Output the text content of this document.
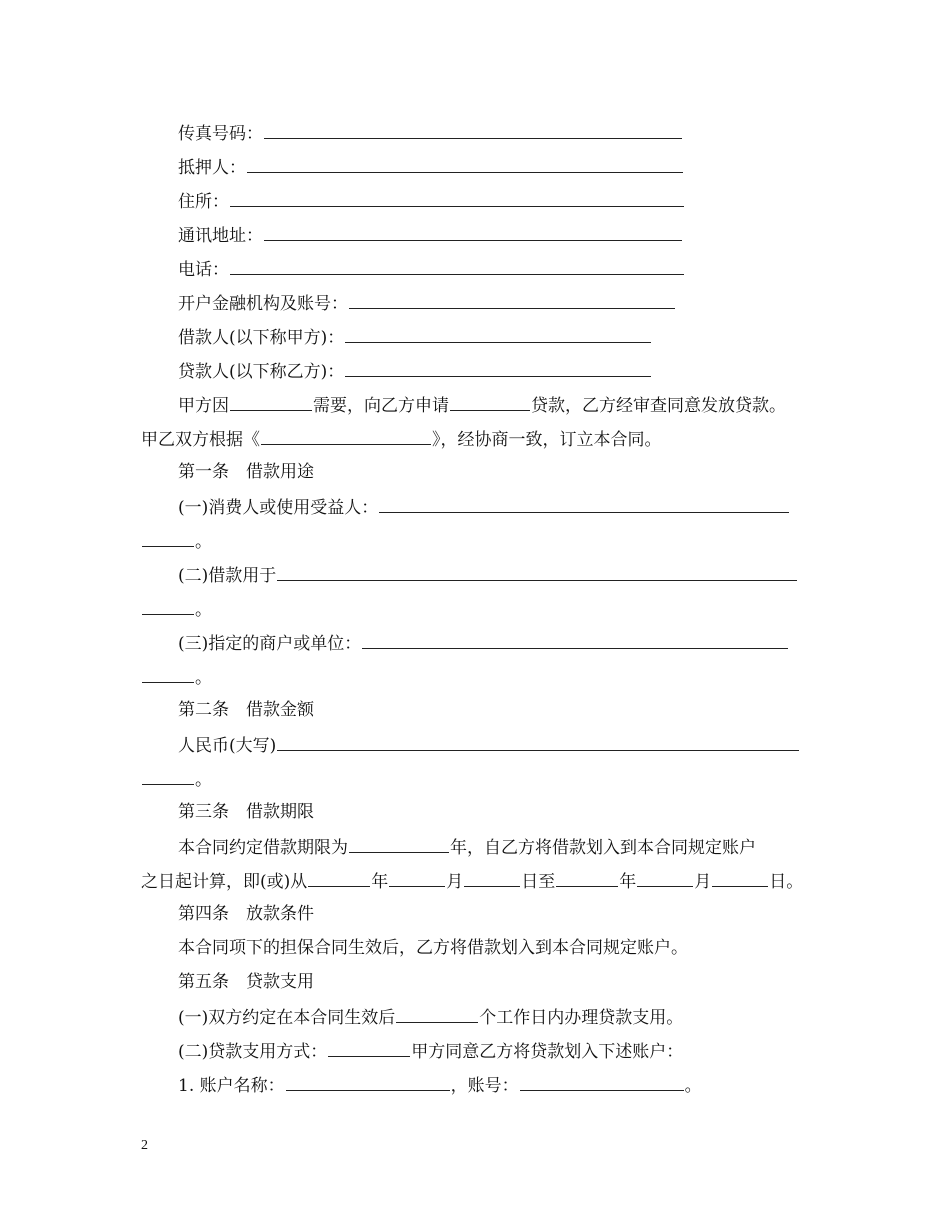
传真号码：
抵押人：
住所：
通讯地址：
电话：
开户金融机构及账号：
借款人(以下称甲方)：
贷款人(以下称乙方)：
甲方因	需要，向乙方申请	贷款，乙方经审查同意发放贷款。
甲乙双方根据《	》，经协商一致，订立本合同。
第一条　借款用途
(一)消费人或使用受益人：
。
(二)借款用于
。
(三)指定的商户或单位：
。
第二条　借款金额
人民币(大写)
。
第三条　借款期限
本合同约定借款期限为	年，自乙方将借款划入到本合同规定账户
之日起计算，即(或)从	年	月	日至	年	月	日。
第四条　放款条件
本合同项下的担保合同生效后，乙方将借款划入到本合同规定账户。
第五条　贷款支用
(一)双方约定在本合同生效后	个工作日内办理贷款支用。
(二)贷款支用方式：	甲方同意乙方将贷款划入下述账户：
1. 账户名称：	，账号：	。
2
